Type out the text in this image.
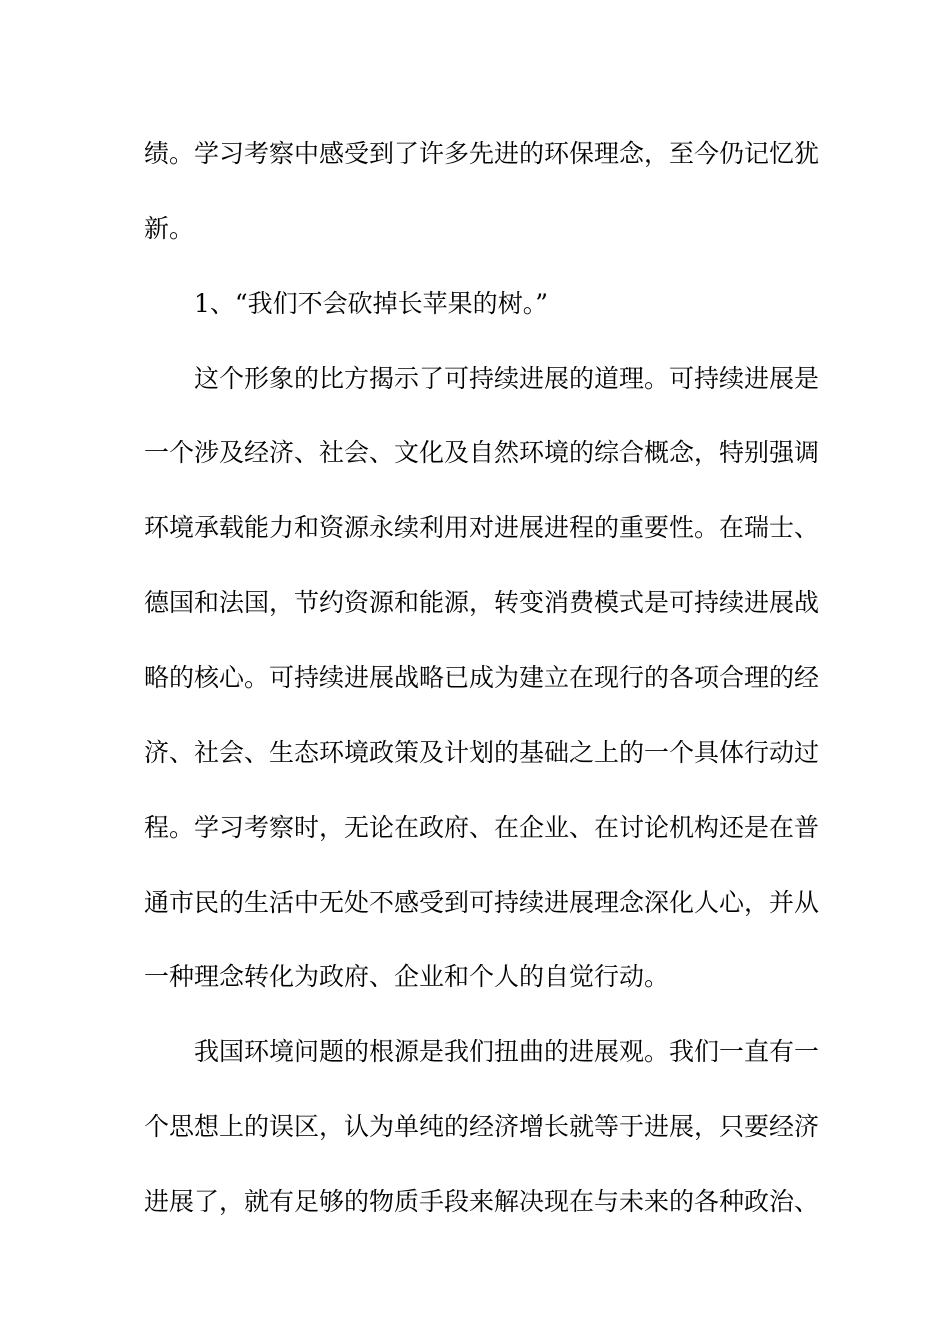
绩。学习考察中感受到了许多先进的环保理念，至今仍记忆犹
新。
1、“我们不会砍掉长苹果的树。”
这个形象的比方揭示了可持续进展的道理。可持续进展是
一个涉及经济、社会、文化及自然环境的综合概念，特别强调
环境承载能力和资源永续利用对进展进程的重要性。在瑞士、
德国和法国，节约资源和能源，转变消费模式是可持续进展战
略的核心。可持续进展战略已成为建立在现行的各项合理的经
济、社会、生态环境政策及计划的基础之上的一个具体行动过
程。学习考察时，无论在政府、在企业、在讨论机构还是在普
通市民的生活中无处不感受到可持续进展理念深化人心，并从
一种理念转化为政府、企业和个人的自觉行动。
我国环境问题的根源是我们扭曲的进展观。我们一直有一
个思想上的误区，认为单纯的经济增长就等于进展，只要经济
进展了，就有足够的物质手段来解决现在与未来的各种政治、
